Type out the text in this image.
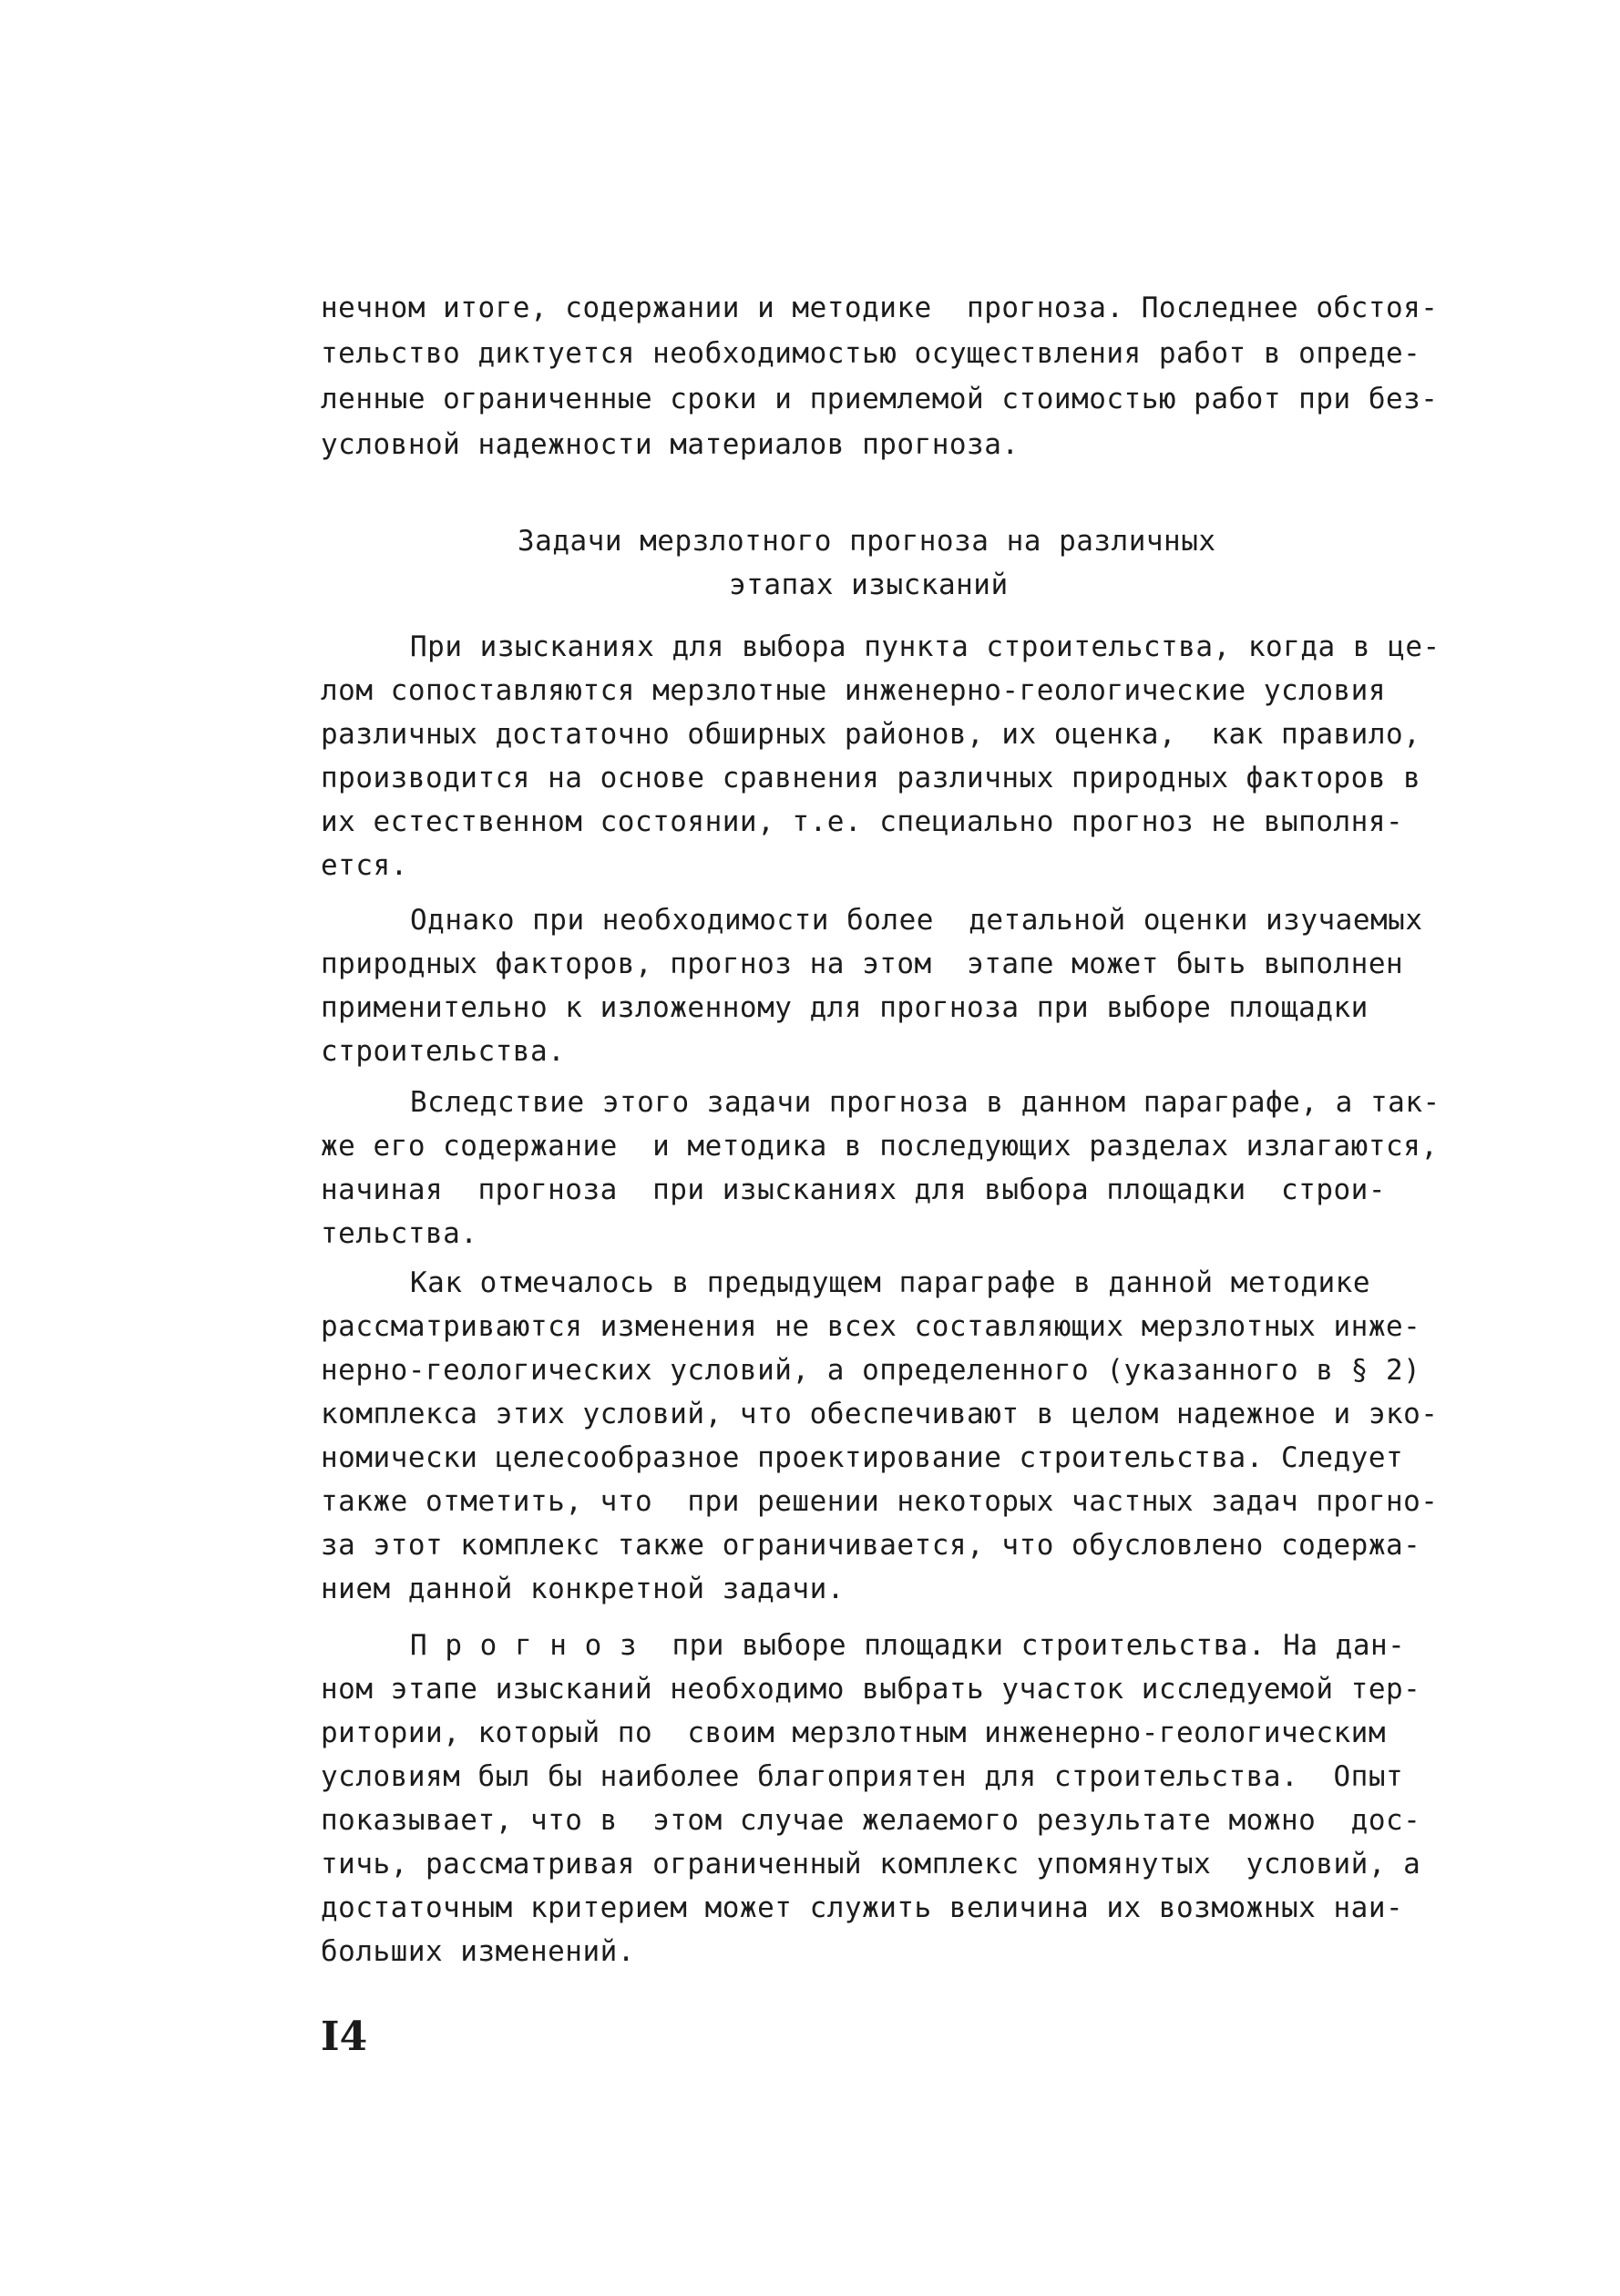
нечном итоге, содержании и методике  прогноза. Последнее обстоя-
тельство диктуется необходимостью осуществления работ в опреде-
ленные ограниченные сроки и приемлемой стоимостью работ при без-
условной надежности материалов прогноза.
Задачи мерзлотного прогноза на различных
этапах изысканий
При изысканиях для выбора пункта строительства, когда в це-
лом сопоставляются мерзлотные инженерно-геологические условия
различных достаточно обширных районов, их оценка,  как правило,
производится на основе сравнения различных природных факторов в
их естественном состоянии, т.е. специально прогноз не выполня-
ется.
Однако при необходимости более  детальной оценки изучаемых
природных факторов, прогноз на этом  этапе может быть выполнен
применительно к изложенному для прогноза при выборе площадки
строительства.
Вследствие этого задачи прогноза в данном параграфе, а так-
же его содержание  и методика в последующих разделах излагаются,
начиная  прогноза  при изысканиях для выбора площадки  строи-
тельства.
Как отмечалось в предыдущем параграфе в данной методике
рассматриваются изменения не всех составляющих мерзлотных инже-
нерно-геологических условий, а определенного (указанного в § 2)
комплекса этих условий, что обеспечивают в целом надежное и эко-
номически целесообразное проектирование строительства. Следует
также отметить, что  при решении некоторых частных задач прогно-
за этот комплекс также ограничивается, что обусловлено содержа-
нием данной конкретной задачи.
П р о г н о з  при выборе площадки строительства. На дан-
ном этапе изысканий необходимо выбрать участок исследуемой тер-
ритории, который по  своим мерзлотным инженерно-геологическим
условиям был бы наиболее благоприятен для строительства.  Опыт
показывает, что в  этом случае желаемого результате можно  дос-
тичь, рассматривая ограниченный комплекс упомянутых  условий, а
достаточным критерием может служить величина их возможных наи-
больших изменений.
I4
